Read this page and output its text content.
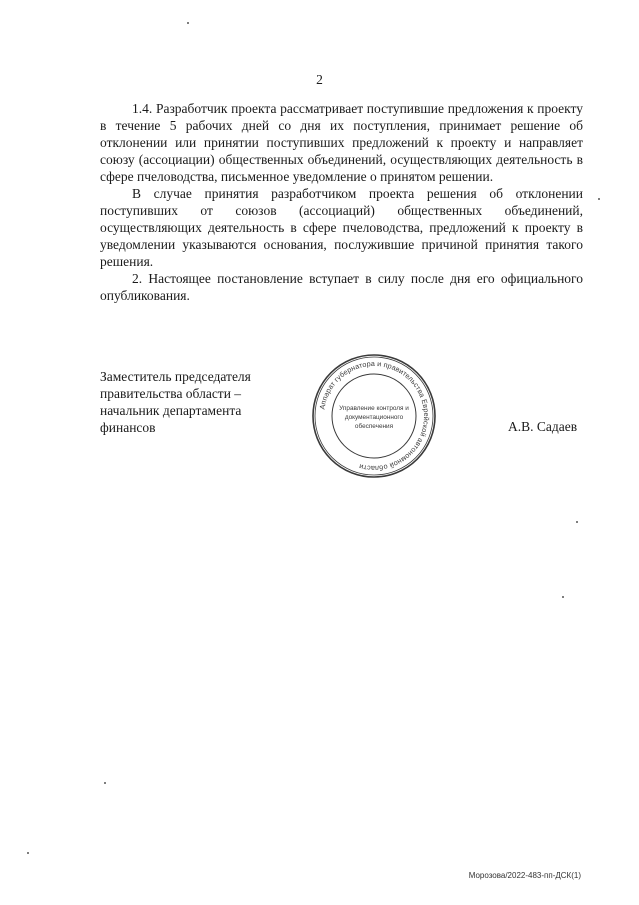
2

1.4. Разработчик проекта рассматривает поступившие предложения к проекту в течение 5 рабочих дней со дня их поступления, принимает решение об отклонении или принятии поступивших предложений к проекту и направляет союзу (ассоциации) общественных объединений, осуществляющих деятельность в сфере пчеловодства, письменное уведомление о принятом решении.

В случае принятия разработчиком проекта решения об отклонении поступивших от союзов (ассоциаций) общественных объединений, осуществляющих деятельность в сфере пчеловодства, предложений к проекту в уведомлении указываются основания, послужившие причиной принятия такого решения.

2. Настоящее постановление вступает в силу после дня его официального опубликования.

Заместитель председателя
правительства области –
начальник департамента
финансов
Аппарат губернатора и правительства Еврейской автономной области
Управление контроля и
документационного
обеспечения	А.В. Садаев
Морозова/2022-483-пп-ДСК(1)
